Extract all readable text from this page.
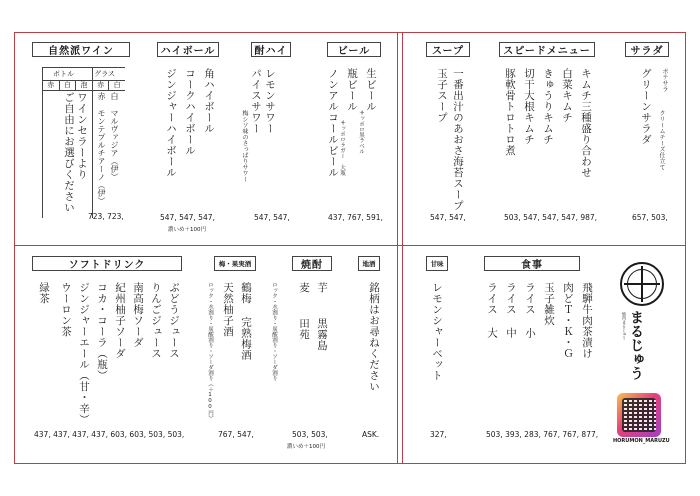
自然派ワイン	ハイボール	酎ハイ	ビール
ボトル	グラス
赤	白	泡	赤	白
ワインセラーより
ご自由にお選びください	白 マルヴァジア（伊）
赤 モンテプルチアーノ（伊）
723, 723,
角ハイボール
コークハイボール
ジンジャーハイボール
547, 547, 547,
濃いめ＋100円
レモンサワー
パイスサワー
梅シソ味のさっぱりサワー
547, 547,
生ビール
瓶ビール
ノンアルコールビール	サッポロ黒ラベル
サッポロラガー 大瓶
437, 767, 591,
スープ	スピードメニュー	サラダ
一番出汁のあおさ海苔スープ
玉子スープ
547, 547,
キムチ三種盛り合わせ
白菜キムチ
きゅうりキムチ
切干大根キムチ
豚軟骨トロトロ煮
503, 547, 547, 547, 987,
ポテサラ
グリーンサラダ クリームチーズ仕立て
657, 503,
ソフトドリンク	梅・果実酒	焼酎	地酒
ぶどうジュース
りんごジュース
南高梅ソーダ
紀州柚子ソーダ
コカ・コーラ（瓶）
ジンジャーエール（甘・辛）
ウーロン茶
緑茶
437, 437, 437, 437, 603, 603, 503, 503,
鶴梅 完熟梅酒
天然柚子酒
ロック・水割り・炭酸割り・ソーダ割り（＋100円）
767, 547,
芋
黒霧島
麦
田苑
ロック・水割り・炭酸割り・ソーダ割り
503, 503,
濃いめ＋100円
銘柄はお尋ねください
ASK.
甘味	食事
レモンシャーベット
327,
飛騨牛肉茶漬け
肉どＴ・Ｋ・Ｇ
玉子雑炊
ライス 小
ライス 中
ライス 大
503, 393, 283, 767, 767, 877,
まるじゅう
焼肉まるじゅう
HORUMON_MARUZU
